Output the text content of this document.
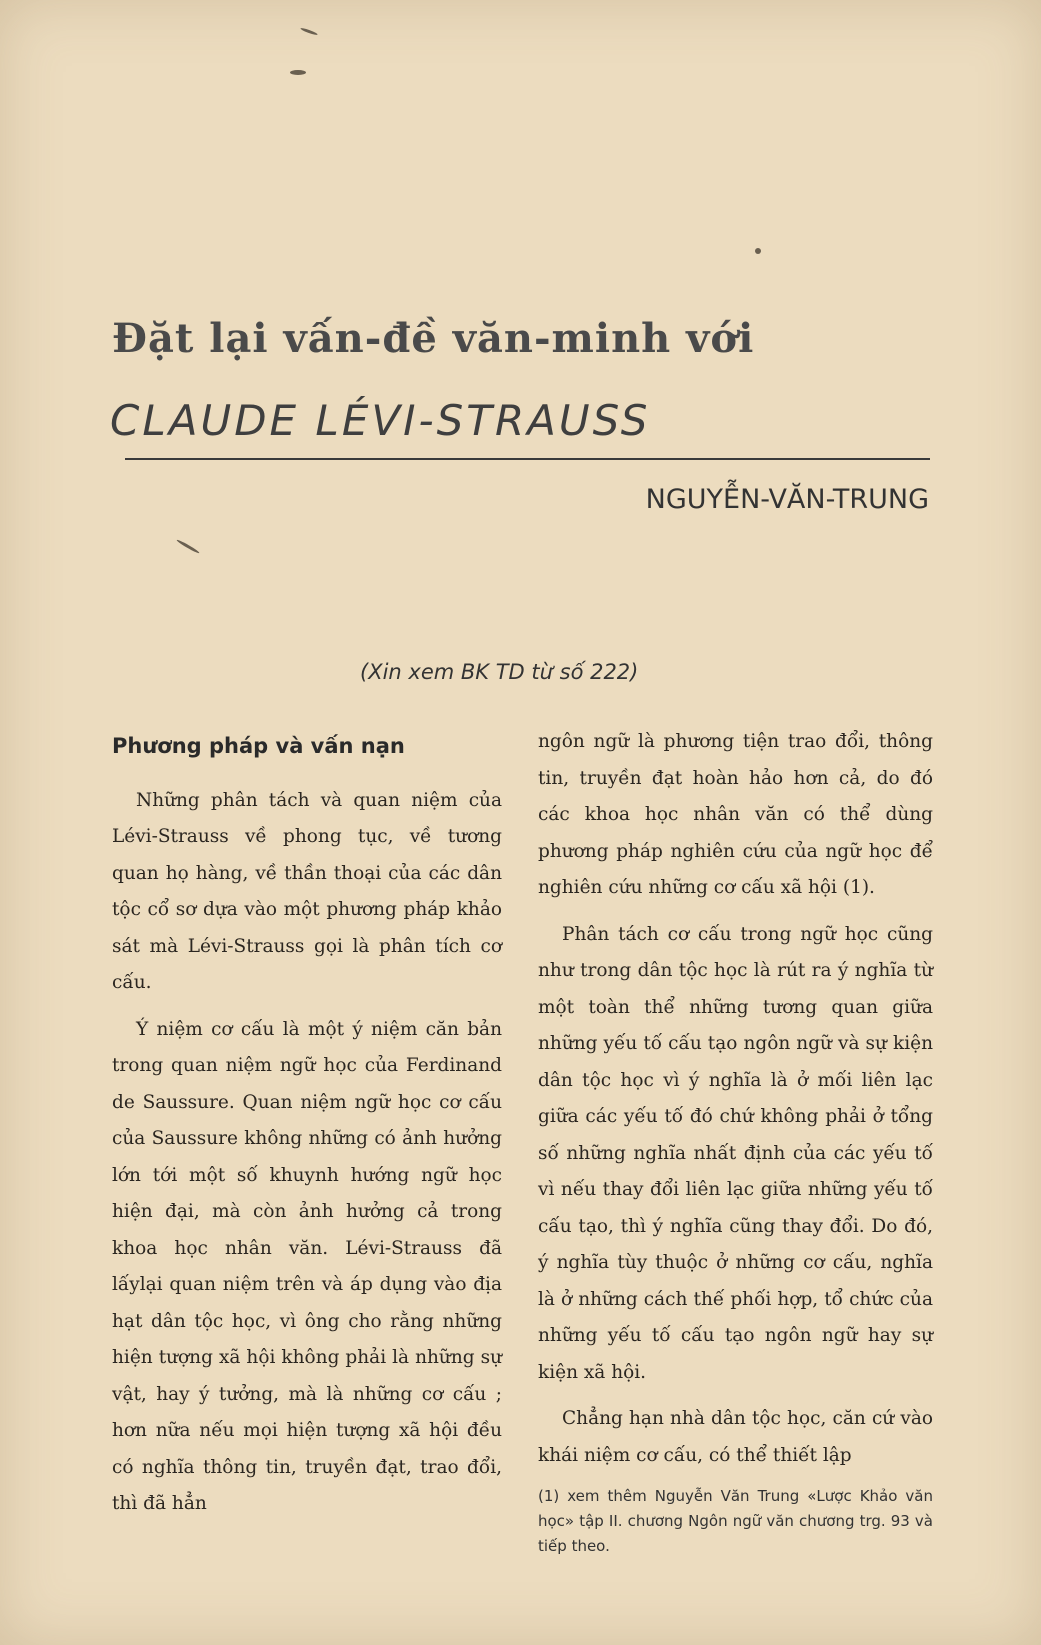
Đặt lại vấn-đề văn-minh với
CLAUDE LÉVI-STRAUSS
NGUYỄN-VĂN-TRUNG
(Xin xem BK TD từ số 222)
Phương pháp và vấn nạn

Những phân tách và quan niệm của Lévi-Strauss về phong tục, về tương quan họ hàng, về thần thoại của các dân tộc cổ sơ dựa vào một phương pháp khảo sát mà Lévi-Strauss gọi là phân tích cơ cấu.

Ý niệm cơ cấu là một ý niệm căn bản trong quan niệm ngữ học của Ferdinand de Saussure. Quan niệm ngữ học cơ cấu của Saussure không những có ảnh hưởng lớn tới một số khuynh hướng ngữ học hiện đại, mà còn ảnh hưởng cả trong khoa học nhân văn. Lévi-Strauss đã lấylại quan niệm trên và áp dụng vào địa hạt dân tộc học, vì ông cho rằng những hiện tượng xã hội không phải là những sự vật, hay ý tưởng, mà là những cơ cấu ; hơn nữa nếu mọi hiện tượng xã hội đều có nghĩa thông tin, truyền đạt, trao đổi, thì đã hẳn

ngôn ngữ là phương tiện trao đổi, thông tin, truyền đạt hoàn hảo hơn cả, do đó các khoa học nhân văn có thể dùng phương pháp nghiên cứu của ngữ học để nghiên cứu những cơ cấu xã hội (1).

Phân tách cơ cấu trong ngữ học cũng như trong dân tộc học là rút ra ý nghĩa từ một toàn thể những tương quan giữa những yếu tố cấu tạo ngôn ngữ và sự kiện dân tộc học vì ý nghĩa là ở mối liên lạc giữa các yếu tố đó chứ không phải ở tổng số những nghĩa nhất định của các yếu tố vì nếu thay đổi liên lạc giữa những yếu tố cấu tạo, thì ý nghĩa cũng thay đổi. Do đó, ý nghĩa tùy thuộc ở những cơ cấu, nghĩa là ở những cách thế phối hợp, tổ chức của những yếu tố cấu tạo ngôn ngữ hay sự kiện xã hội.

Chẳng hạn nhà dân tộc học, căn cứ vào khái niệm cơ cấu, có thể thiết lập

(1) xem thêm Nguyễn Văn Trung «Lược Khảo văn học» tập II. chương Ngôn ngữ văn chương trg. 93 và tiếp theo.
